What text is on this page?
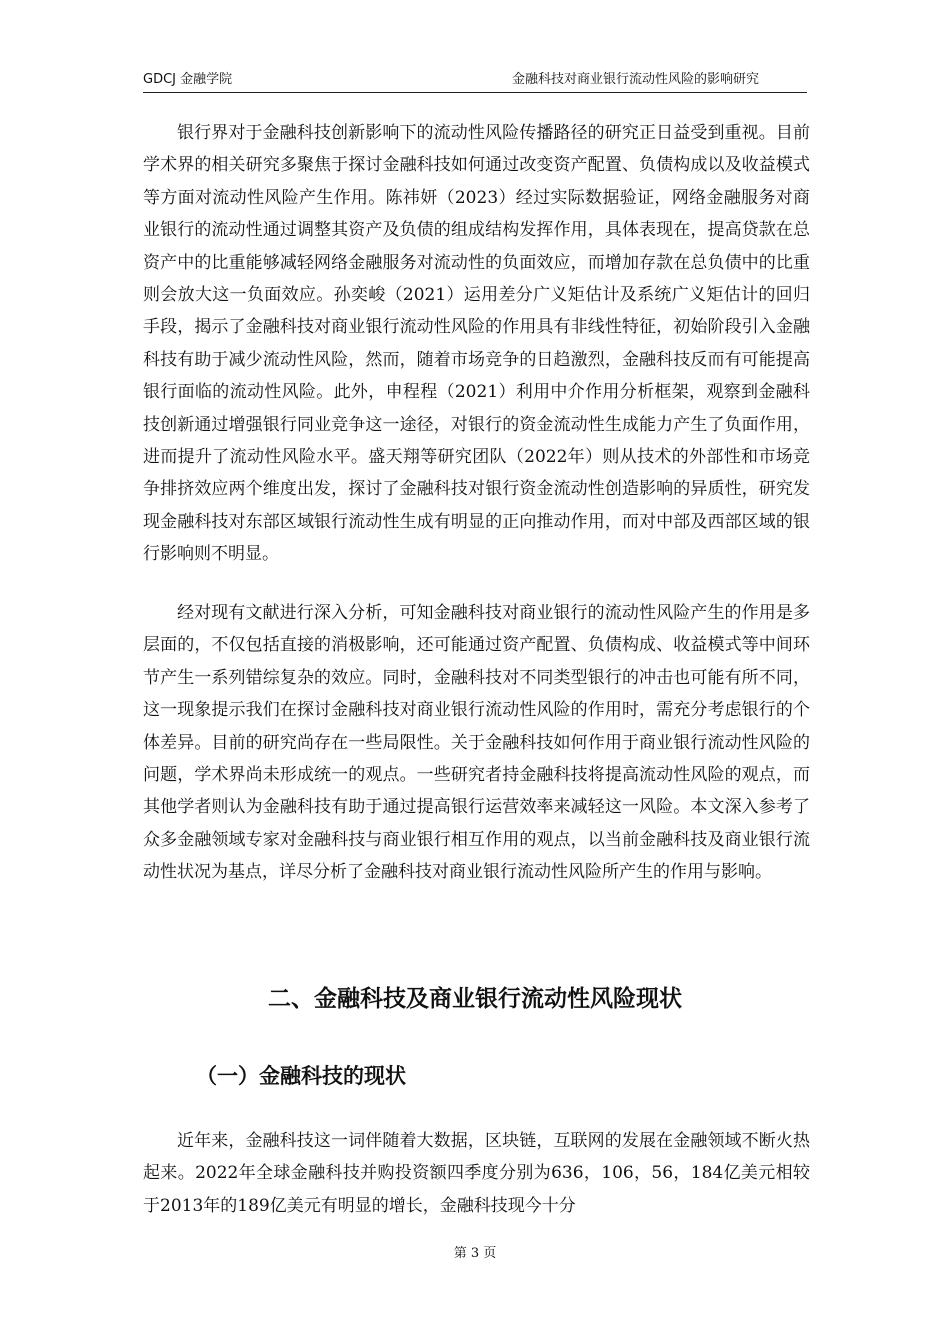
GDCJ 金融学院	金融科技对商业银行流动性风险的影响研究

银行界对于金融科技创新影响下的流动性风险传播路径的研究正日益受到重视。目前学术界的相关研究多聚焦于探讨金融科技如何通过改变资产配置、负债构成以及收益模式等方面对流动性风险产生作用。陈祎妍（2023）经过实际数据验证，网络金融服务对商业银行的流动性通过调整其资产及负债的组成结构发挥作用，具体表现在，提高贷款在总资产中的比重能够减轻网络金融服务对流动性的负面效应，而增加存款在总负债中的比重则会放大这一负面效应。孙奕峻（2021）运用差分广义矩估计及系统广义矩估计的回归手段，揭示了金融科技对商业银行流动性风险的作用具有非线性特征，初始阶段引入金融科技有助于减少流动性风险，然而，随着市场竞争的日趋激烈，金融科技反而有可能提高银行面临的流动性风险。此外，申程程（2021）利用中介作用分析框架，观察到金融科技创新通过增强银行同业竞争这一途径，对银行的资金流动性生成能力产生了负面作用，进而提升了流动性风险水平。盛天翔等研究团队（2022年）则从技术的外部性和市场竞争排挤效应两个维度出发，探讨了金融科技对银行资金流动性创造影响的异质性，研究发现金融科技对东部区域银行流动性生成有明显的正向推动作用，而对中部及西部区域的银行影响则不明显。

经对现有文献进行深入分析，可知金融科技对商业银行的流动性风险产生的作用是多层面的，不仅包括直接的消极影响，还可能通过资产配置、负债构成、收益模式等中间环节产生一系列错综复杂的效应。同时，金融科技对不同类型银行的冲击也可能有所不同，这一现象提示我们在探讨金融科技对商业银行流动性风险的作用时，需充分考虑银行的个体差异。目前的研究尚存在一些局限性。关于金融科技如何作用于商业银行流动性风险的问题，学术界尚未形成统一的观点。一些研究者持金融科技将提高流动性风险的观点，而其他学者则认为金融科技有助于通过提高银行运营效率来减轻这一风险。本文深入参考了众多金融领域专家对金融科技与商业银行相互作用的观点，以当前金融科技及商业银行流动性状况为基点，详尽分析了金融科技对商业银行流动性风险所产生的作用与影响。

二、金融科技及商业银行流动性风险现状
（一）金融科技的现状

近年来，金融科技这一词伴随着大数据，区块链，互联网的发展在金融领域不断火热起来。2022年全球金融科技并购投资额四季度分别为636，106，56，184亿美元相较于2013年的189亿美元有明显的增长，金融科技现今十分

第 3 页
